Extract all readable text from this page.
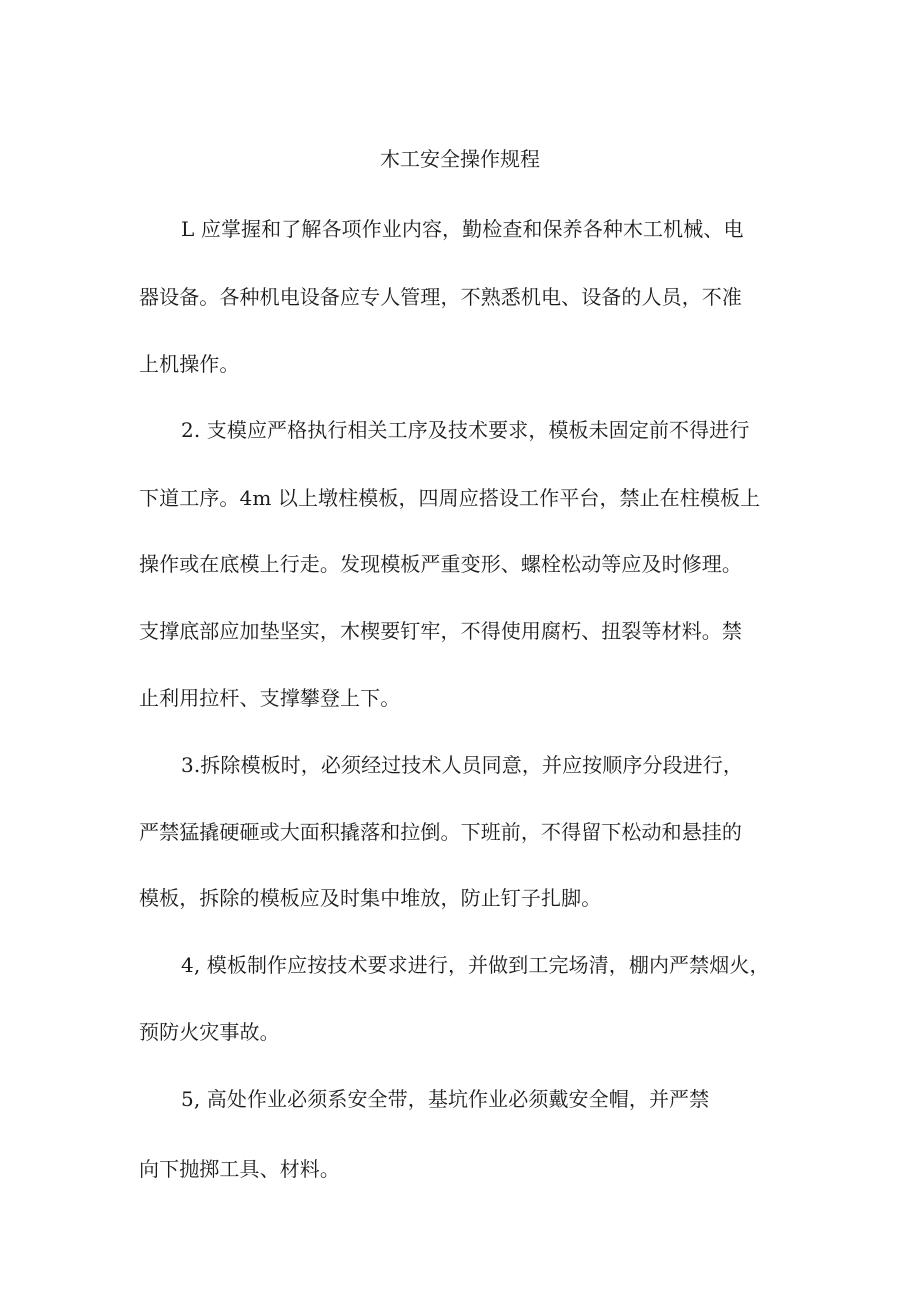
木工安全操作规程
L 应掌握和了解各项作业内容，勤检查和保养各种木工机械、电
器设备。各种机电设备应专人管理，不熟悉机电、设备的人员，不准
上机操作。
2. 支模应严格执行相关工序及技术要求，模板未固定前不得进行
下道工序。4m 以上墩柱模板，四周应搭设工作平台，禁止在柱模板上
操作或在底模上行走。发现模板严重变形、螺栓松动等应及时修理。
支撑底部应加垫坚实，木楔要钉牢，不得使用腐朽、扭裂等材料。禁
止利用拉杆、支撑攀登上下。
3.拆除模板时，必须经过技术人员同意，并应按顺序分段进行，
严禁猛撬硬砸或大面积撬落和拉倒。下班前，不得留下松动和悬挂的
模板，拆除的模板应及时集中堆放，防止钉子扎脚。
4, 模板制作应按技术要求进行，并做到工完场清，棚内严禁烟火，
预防火灾事故。
5, 高处作业必须系安全带，基坑作业必须戴安全帽，并严禁
向下抛掷工具、材料。
